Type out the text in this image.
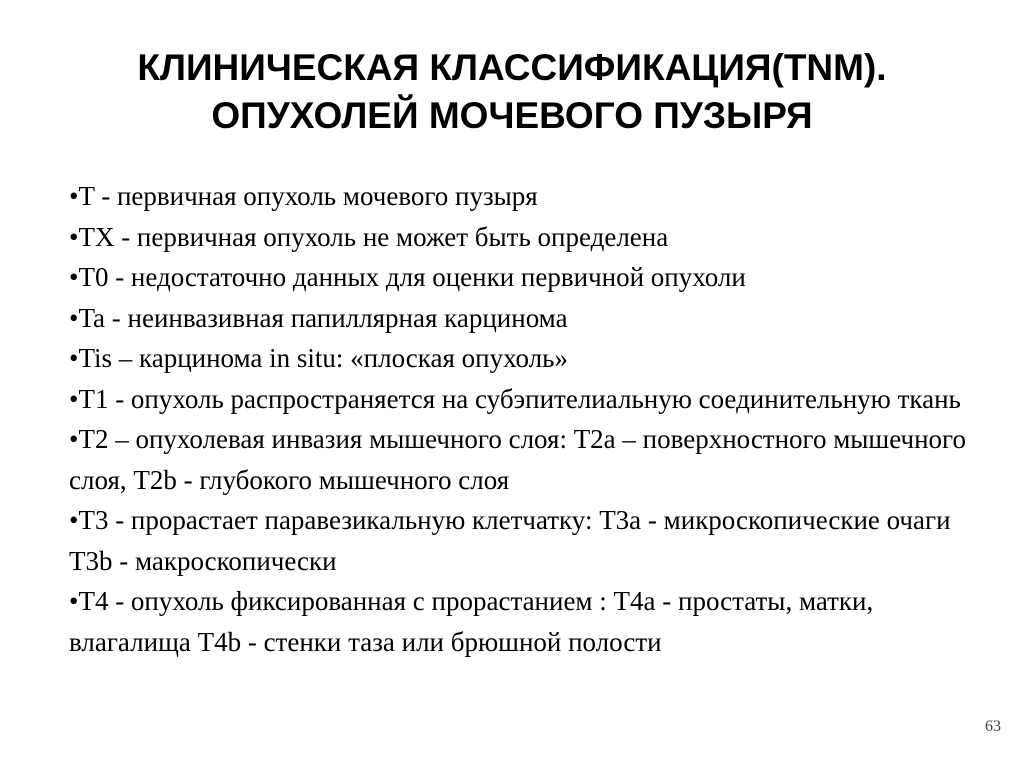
КЛИНИЧЕСКАЯ КЛАССИФИКАЦИЯ(TNM).
ОПУХОЛЕЙ МОЧЕВОГО ПУЗЫРЯ
•T - первичная опухоль мочевого пузыря
•TX - первичная опухоль не может быть определена
•T0 - недостаточно данных для оценки первичной опухоли
•Ta - неинвазивная папиллярная карцинома
•Tis – карцинома in situ: «плоская опухоль»
•T1 - опухоль распространяется на субэпителиальную соединительную ткань
•T2 – опухолевая инвазия мышечного слоя: T2a – поверхностного мышечного слоя, T2b - глубокого мышечного слоя
•T3 - прорастает паравезикальную клетчатку: T3a - микроскопические очаги T3b - макроскопически
•T4 - опухоль фиксированная с прорастанием : T4a - простаты, матки, влагалища T4b - стенки таза или брюшной полости
63
